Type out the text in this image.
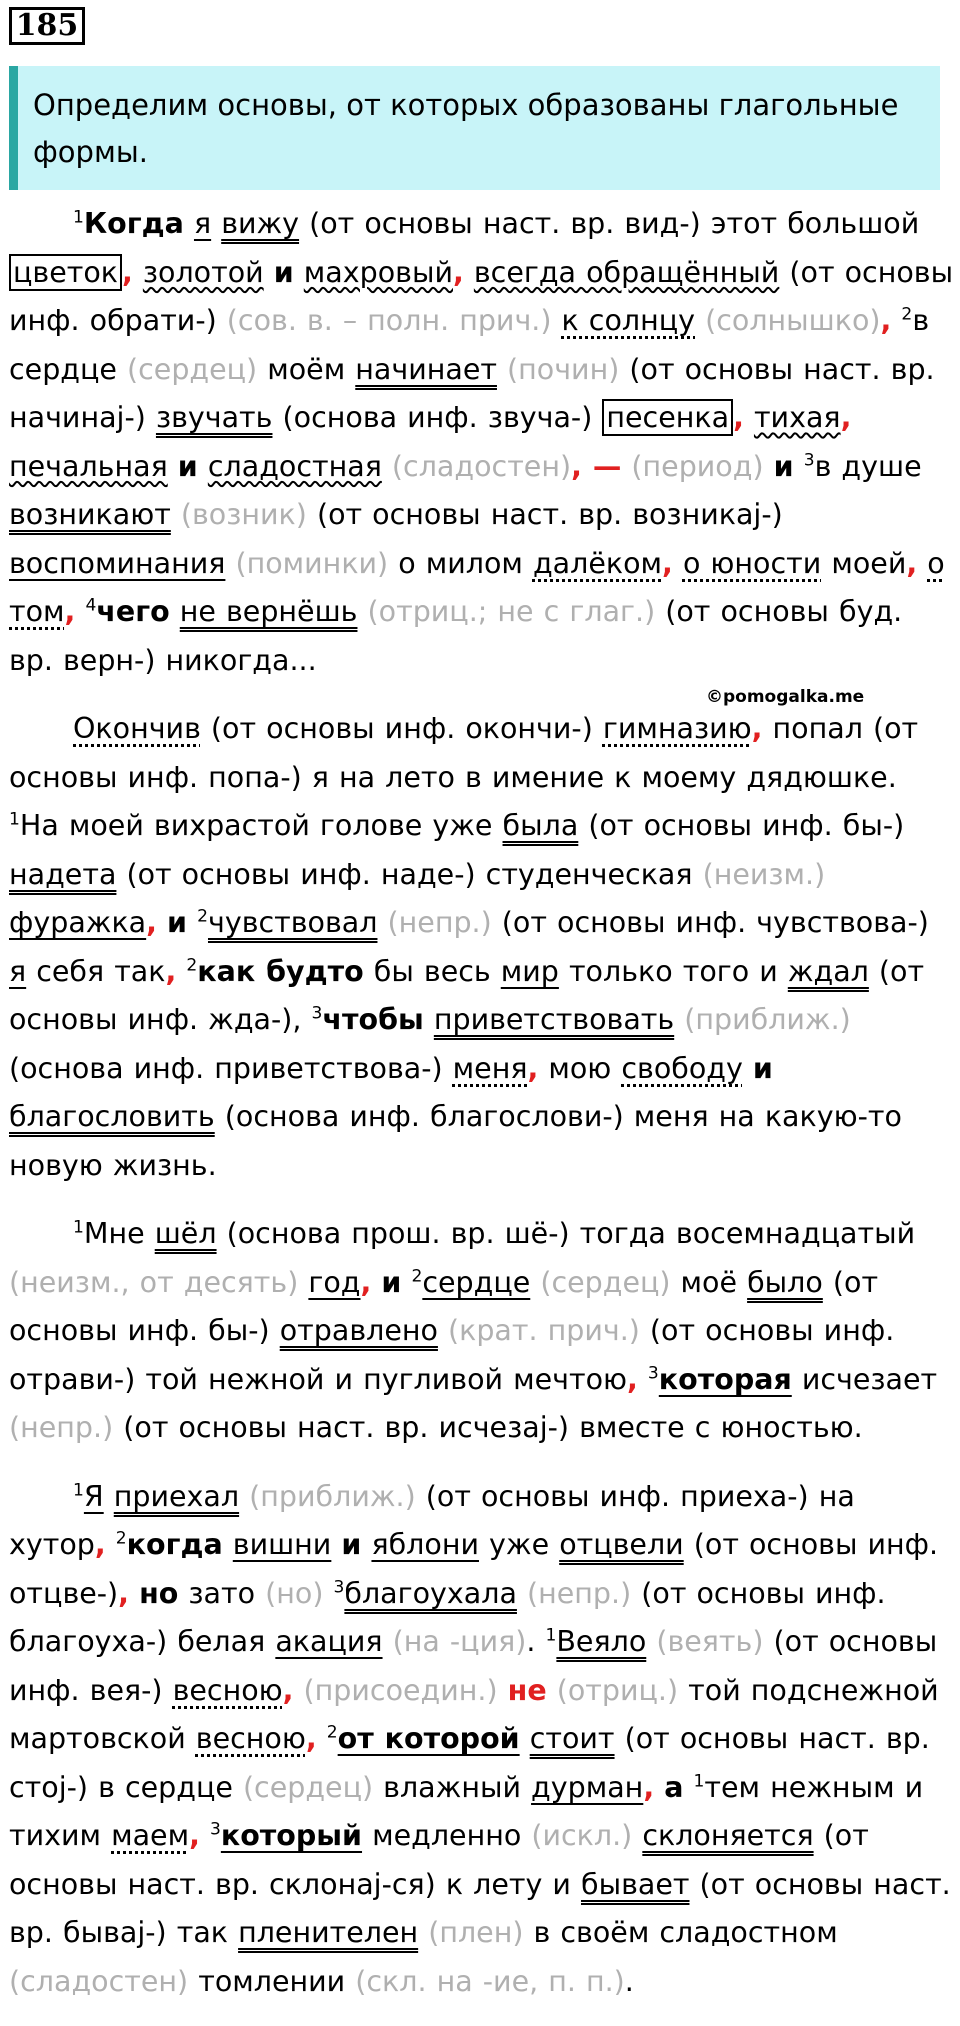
185
Определим основы, от которых образованы глагольные формы.
©pomogalka.me

$^1$Когда я вижу (от основы наст. вр. вид-) этот большой цветок , золотой и махровый, всегда обращённый (от основы инф. обрати-) (сов. в. – полн. прич.) к солнцу (солнышко), $^2$в сердце (сердец) моём начинает (почин) (от основы наст. вр. начинај-) звучать (основа инф. звуча-) песенка , тихая, печальная и сладостная (сладостен), — (период) и $^3$в душе возникают (возник) (от основы наст. вр. возникај-) воспоминания (поминки) о милом далёком, о юности моей, о том, $^4$чего не вернёшь (отриц.; не с глаг.) (от основы буд. вр. верн-) никогда...

Окончив (от основы инф. окончи-) гимназию, попал (от основы инф. попа-) я на лето в имение к моему дядюшке. $^1$На моей вихрастой голове уже была (от основы инф. бы-) надета (от основы инф. наде-) студенческая (неизм.) фуражка, и $^2$чувствовал (непр.) (от основы инф. чувствова-) я себя так, $^2$как будто бы весь мир только того и ждал (от основы инф. жда-), $^3$чтобы приветствовать (приближ.) (основа инф. приветствова-) меня, мою свободу и благословить (основа инф. благослови-) меня на какую-то новую жизнь.

$^1$Мне шёл (основа прош. вр. шё-) тогда восемнадцатый (неизм., от десять) год, и $^2$сердце (сердец) моё было (от основы инф. бы-) отравлено (крат. прич.) (от основы инф. отрави-) той нежной и пугливой мечтою, $^3$которая исчезает (непр.) (от основы наст. вр. исчезај-) вместе с юностью.

$^1$Я приехал (приближ.) (от основы инф. приеха-) на хутор, $^2$когда вишни и яблони уже отцвели (от основы инф. отцве-), но зато (но) $^3$благоухала (непр.) (от основы инф. благоуха-) белая акация (на -ция). $^1$Веяло (веять) (от основы инф. вея-) весною, (присоедин.) не (отриц.) той подснежной мартовской весною, $^2$от которой стоит (от основы наст. вр. стој-) в сердце (сердец) влажный дурман, а $^1$тем нежным и тихим маем, $^3$который медленно (искл.) склоняется (от основы наст. вр. склонај-ся) к лету и бывает (от основы наст. вр. бывај-) так пленителен (плен) в своём сладостном (сладостен) томлении (скл. на -ие, п. п.).
